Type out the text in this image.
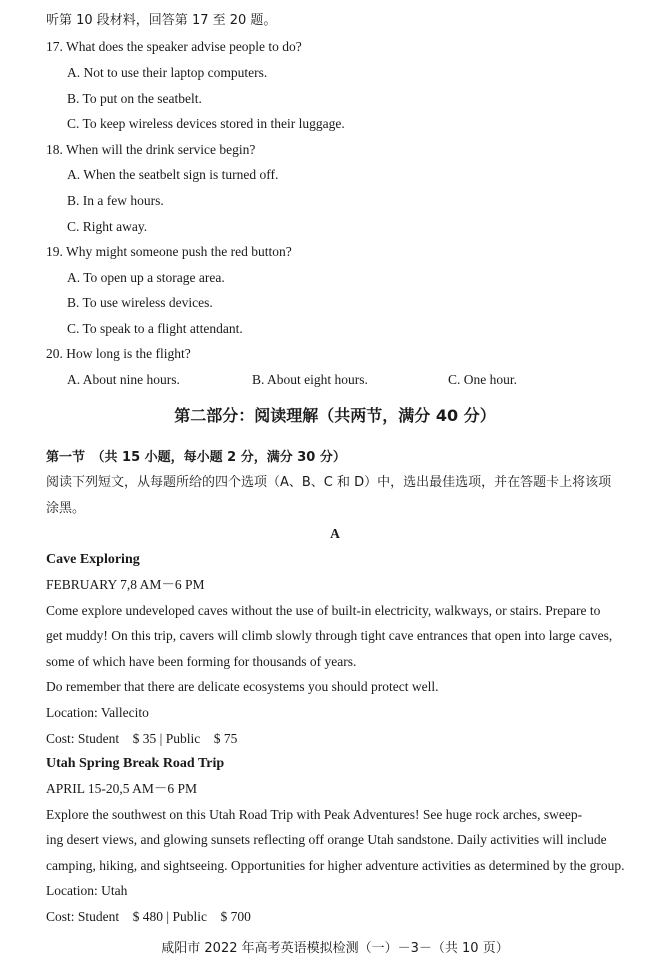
听第 10 段材料，回答第 17 至 20 题。
17. What does the speaker advise people to do?
A. Not to use their laptop computers.
B. To put on the seatbelt.
C. To keep wireless devices stored in their luggage.
18. When will the drink service begin?
A. When the seatbelt sign is turned off.
B. In a few hours.
C. Right away.
19. Why might someone push the red button?
A. To open up a storage area.
B. To use wireless devices.
C. To speak to a flight attendant.
20. How long is the flight?
A. About nine hours.	B. About eight hours.	C. One hour.
第二部分：阅读理解（共两节，满分 40 分）
第一节　（共 15 小题，每小题 2 分，满分 30 分）
阅读下列短文，从每题所给的四个选项（A、B、C 和 D）中，选出最佳选项，并在答题卡上将该项
涂黑。
A
Cave Exploring
FEBRUARY 7,8 AM－6 PM
Come explore undeveloped caves without the use of built-in electricity, walkways, or stairs. Prepare to
get muddy! On this trip, cavers will climb slowly through tight cave entrances that open into large caves,
some of which have been forming for thousands of years.
Do remember that there are delicate ecosystems you should protect well.
Location: Vallecito
Cost: Student　$ 35 | Public　$ 75
Utah Spring Break Road Trip
APRIL 15-20,5 AM－6 PM
Explore the southwest on this Utah Road Trip with Peak Adventures! See huge rock arches, sweep-
ing desert views, and glowing sunsets reflecting off orange Utah sandstone. Daily activities will include
camping, hiking, and sightseeing. Opportunities for higher adventure activities as determined by the group.
Location: Utah
Cost: Student　$ 480 | Public　$ 700
咸阳市 2022 年高考英语模拟检测（一）－3－（共 10 页）
